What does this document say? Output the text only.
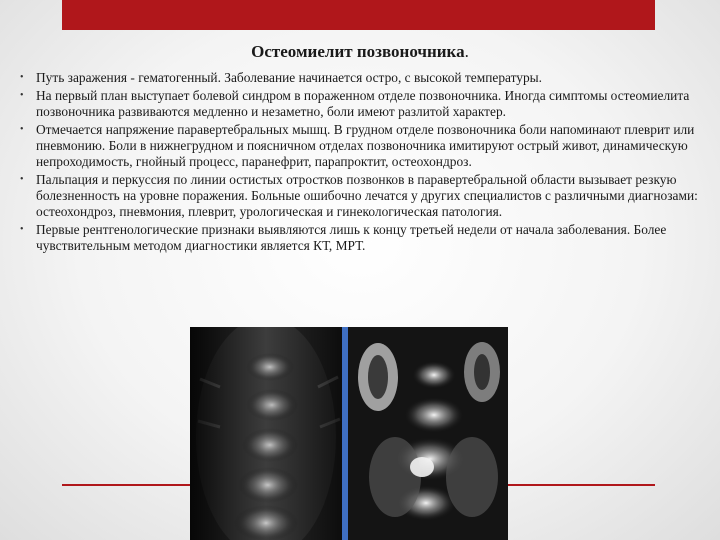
Остеомиелит позвоночника.
• Путь заражения - гематогенный. Заболевание начинается остро, с высокой температуры.
• На первый план выступает болевой синдром в пораженном отделе позвоночника. Иногда симптомы остеомиелита позвоночника развиваются медленно и незаметно, боли имеют разлитой характер.
• Отмечается напряжение паравертебральных мышц. В грудном отделе позвоночника боли напоминают плеврит или пневмонию. Боли в нижнегрудном и поясничном отделах позвоночника имитируют острый живот, динамическую непроходимость, гнойный процесс, паранефрит, парапроктит, остеохондроз.
• Пальпация и перкуссия по линии остистых отростков позвонков в паравертебральной области вызывает резкую болезненность на уровне поражения. Больные ошибочно лечатся у других специалистов с различными диагнозами: остеохондроз, пневмония, плеврит, урологическая и гинекологическая патология.
• Первые рентгенологические признаки выявляются лишь к концу третьей недели от начала заболевания. Более чувствительным методом диагностики является КТ, МРТ.
